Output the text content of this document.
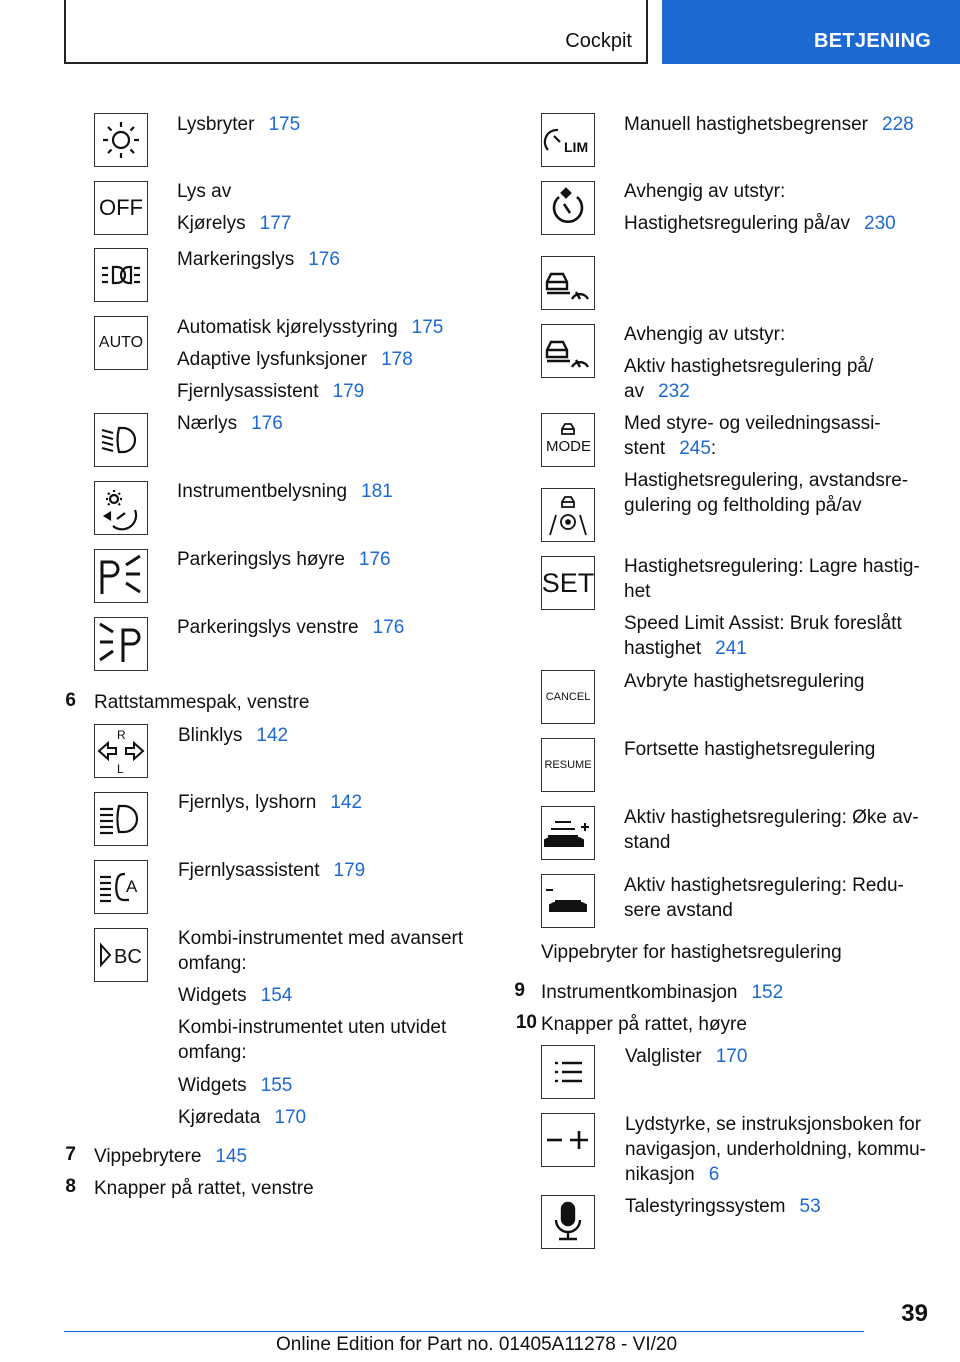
Cockpit	BETJENING
Lysbryter 175
OFF
Lys av
Kjørelys 177
Markeringslys 176
AUTO
Automatisk kjørelysstyring 175
Adaptive lysfunksjoner 178
Fjernlysassistent 179
Nærlys 176
Instrumentbelysning 181
Parkeringslys høyre 176
Parkeringslys venstre 176
6 Rattstammespak, venstre
R
L
Blinklys 142
Fjernlys, lyshorn 142
A
Fjernlysassistent 179
BC
Kombi-instrumentet med avansert
omfang:
Widgets 154
Kombi-instrumentet uten utvidet
omfang:
Widgets 155
Kjøredata 170
7 Vippebrytere 145
8 Knapper på rattet, venstre
LIM
Manuell hastighetsbegrenser 228
Avhengig av utstyr:
Hastighetsregulering på/av 230
Avhengig av utstyr:
Aktiv hastighetsregulering på/
av 232
MODE
Med styre- og veiledningsassi-
stent 245:
Hastighetsregulering, avstandsre-
gulering og feltholding på/av
SET
Hastighetsregulering: Lagre hastig-
het
Speed Limit Assist: Bruk foreslått
hastighet 241
CANCEL
Avbryte hastighetsregulering
RESUME
Fortsette hastighetsregulering
Aktiv hastighetsregulering: Øke av-
stand
Aktiv hastighetsregulering: Redu-
sere avstand
Vippebryter for hastighetsregulering
9 Instrumentkombinasjon 152
10 Knapper på rattet, høyre
Valglister 170
Lydstyrke, se instruksjonsboken for
navigasjon, underholdning, kommu-
nikasjon 6
Talestyringssystem 53
39
Online Edition for Part no. 01405A11278 - VI/20
